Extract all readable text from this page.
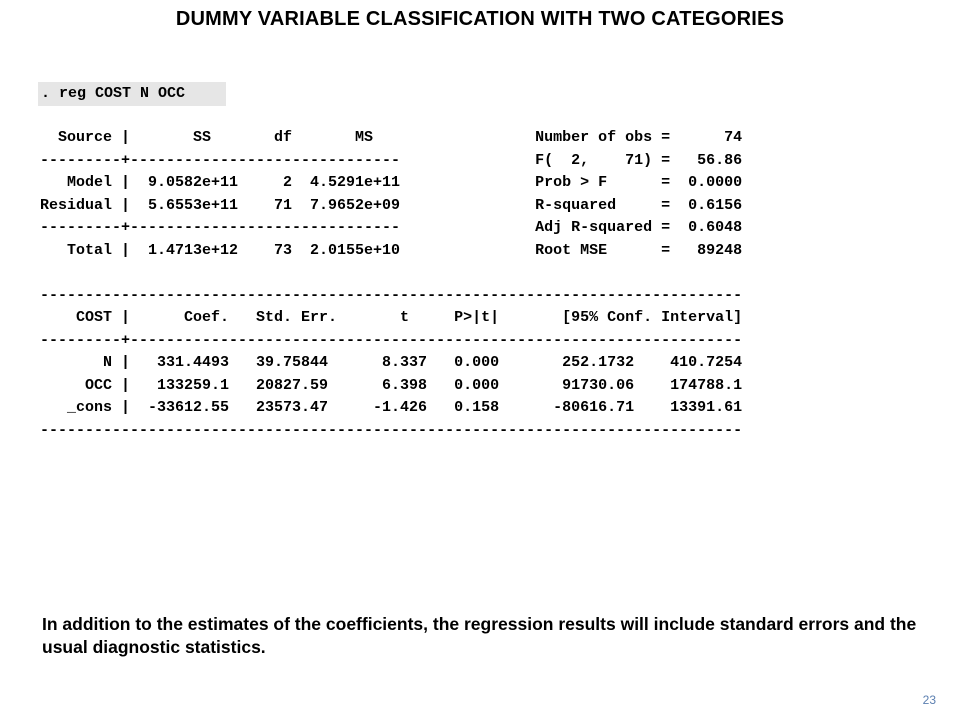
DUMMY VARIABLE CLASSIFICATION WITH TWO CATEGORIES
. reg COST N OCC
Source |       SS       df       MS                  Number of obs =      74
---------+------------------------------               F(  2,    71) =   56.86
Model |  9.0582e+11     2  4.5291e+11               Prob > F      =  0.0000
Residual |  5.6553e+11    71  7.9652e+09               R-squared     =  0.6156
---------+------------------------------               Adj R-squared =  0.6048
Total |  1.4713e+12    73  2.0155e+10               Root MSE      =   89248
------------------------------------------------------------------------------
COST |      Coef.   Std. Err.       t     P>|t|       [95% Conf. Interval]
---------+--------------------------------------------------------------------
N |   331.4493   39.75844      8.337   0.000       252.1732    410.7254
OCC |   133259.1   20827.59      6.398   0.000       91730.06    174788.1
_cons |  -33612.55   23573.47     -1.426   0.158      -80616.71    13391.61
------------------------------------------------------------------------------
In addition to the estimates of the coefficients, the regression results will include standard errors and the usual diagnostic statistics.
23
